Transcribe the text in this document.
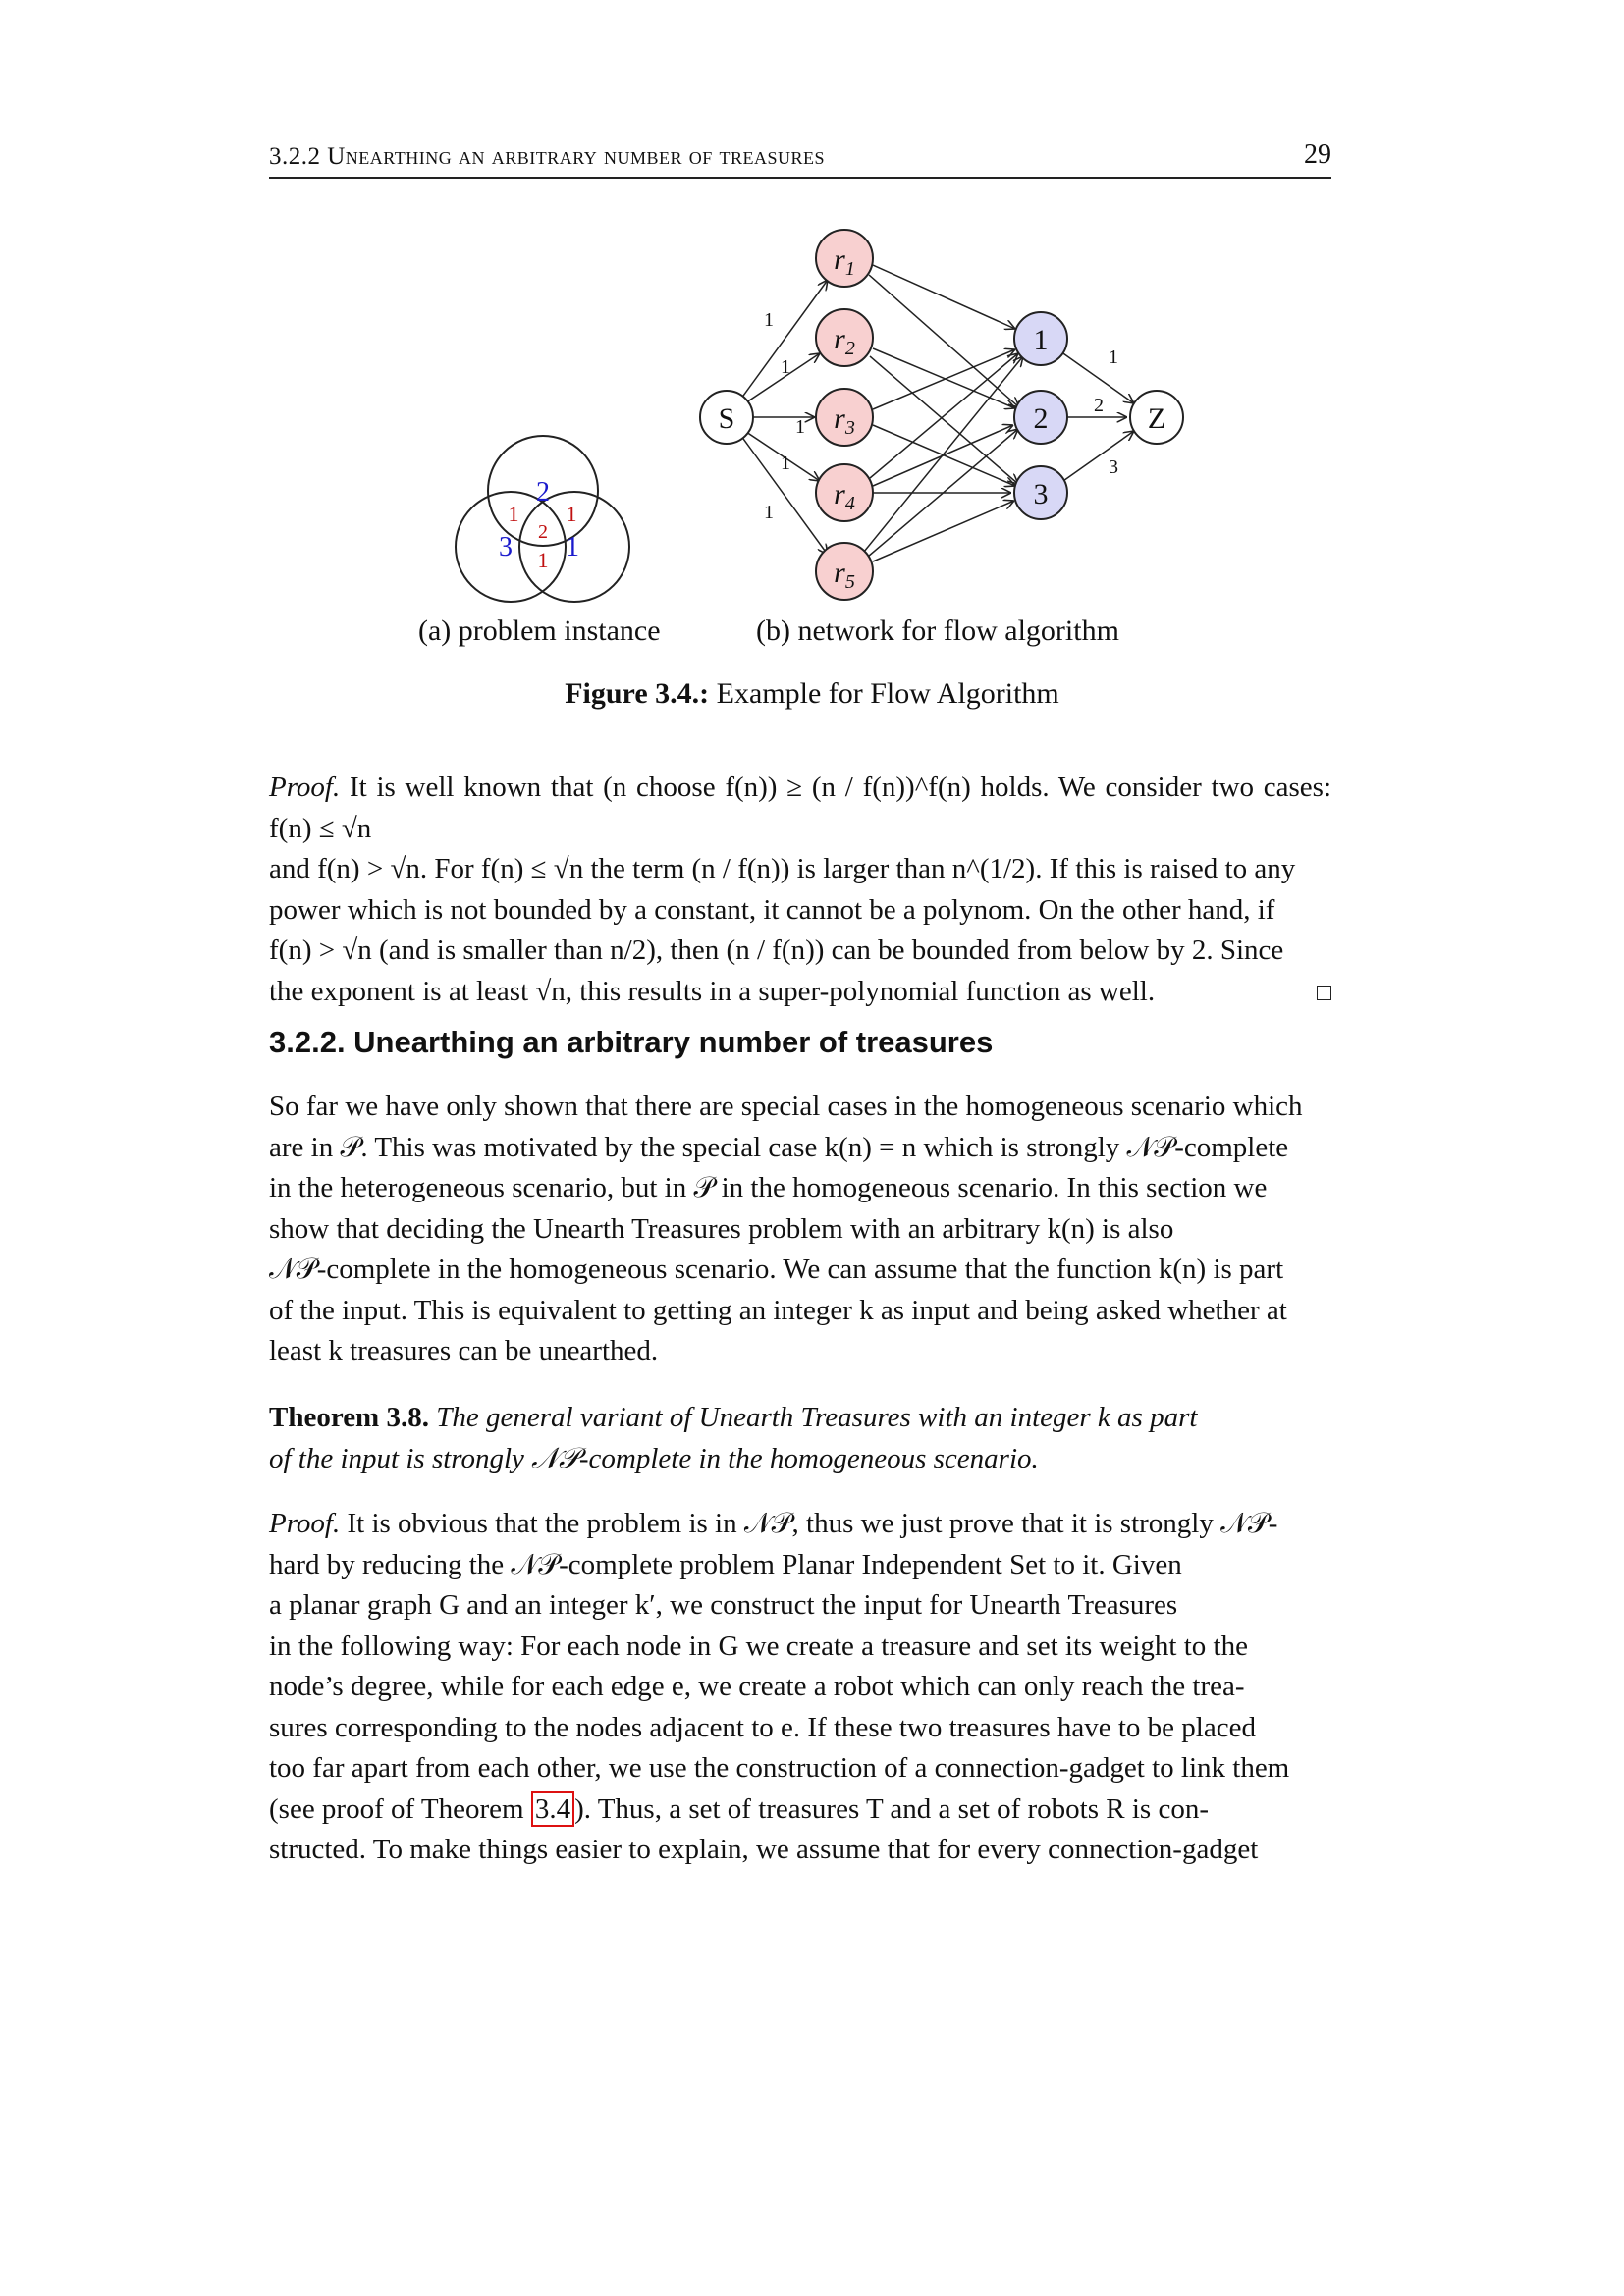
3.2.2 Unearthing an arbitrary number of treasures	29
2
1 1
2
3 1
1
1
1
1
1
1
1
2
3
S
$r_1$
$r_2$
$r_3$
$r_4$
$r_5$
1
2
3
Z
(a) problem instance	(b) network for flow algorithm
Figure 3.4.: Example for Flow Algorithm
Proof. It is well known that (n choose f(n)) ≥ (n / f(n))^f(n) holds. We consider two cases: f(n) ≤ √n
and f(n) > √n. For f(n) ≤ √n the term (n / f(n)) is larger than n^(1/2). If this is raised to any
power which is not bounded by a constant, it cannot be a polynom. On the other hand, if
f(n) > √n (and is smaller than n/2), then (n / f(n)) can be bounded from below by 2. Since
the exponent is at least √n, this results in a super-polynomial function as well.
3.2.2. Unearthing an arbitrary number of treasures
So far we have only shown that there are special cases in the homogeneous scenario which
are in 𝒫. This was motivated by the special case k(n) = n which is strongly 𝒩𝒫-complete
in the heterogeneous scenario, but in 𝒫 in the homogeneous scenario. In this section we
show that deciding the Unearth Treasures problem with an arbitrary k(n) is also
𝒩𝒫-complete in the homogeneous scenario. We can assume that the function k(n) is part
of the input. This is equivalent to getting an integer k as input and being asked whether at
least k treasures can be unearthed.
Theorem 3.8. The general variant of Unearth Treasures with an integer k as part
of the input is strongly 𝒩𝒫-complete in the homogeneous scenario.
Proof. It is obvious that the problem is in 𝒩𝒫, thus we just prove that it is strongly 𝒩𝒫-
hard by reducing the 𝒩𝒫-complete problem Planar Independent Set to it. Given
a planar graph G and an integer k′, we construct the input for Unearth Treasures
in the following way: For each node in G we create a treasure and set its weight to the
node’s degree, while for each edge e, we create a robot which can only reach the trea-
sures corresponding to the nodes adjacent to e. If these two treasures have to be placed
too far apart from each other, we use the construction of a connection-gadget to link them
(see proof of Theorem 3.4 ). Thus, a set of treasures T and a set of robots R is con-
structed. To make things easier to explain, we assume that for every connection-gadget
